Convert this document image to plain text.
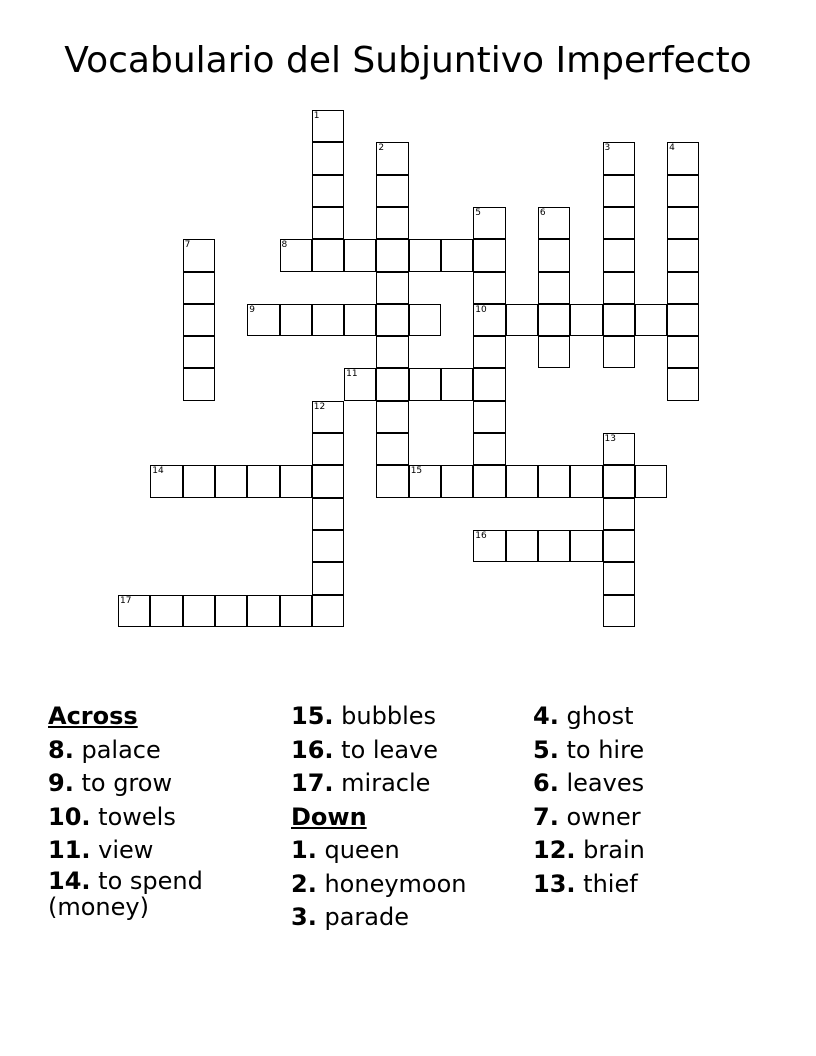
Vocabulario del Subjuntivo Imperfecto
1
2	3	4
5
10
6
7	8
9
11
12
13
14	15
16
17
Across
8. palace
9. to grow
10. towels
11. view
14. to spend (money)
15. bubbles
16. to leave
17. miracle
Down
1. queen
2. honeymoon
3. parade
4. ghost
5. to hire
6. leaves
7. owner
12. brain
13. thief
